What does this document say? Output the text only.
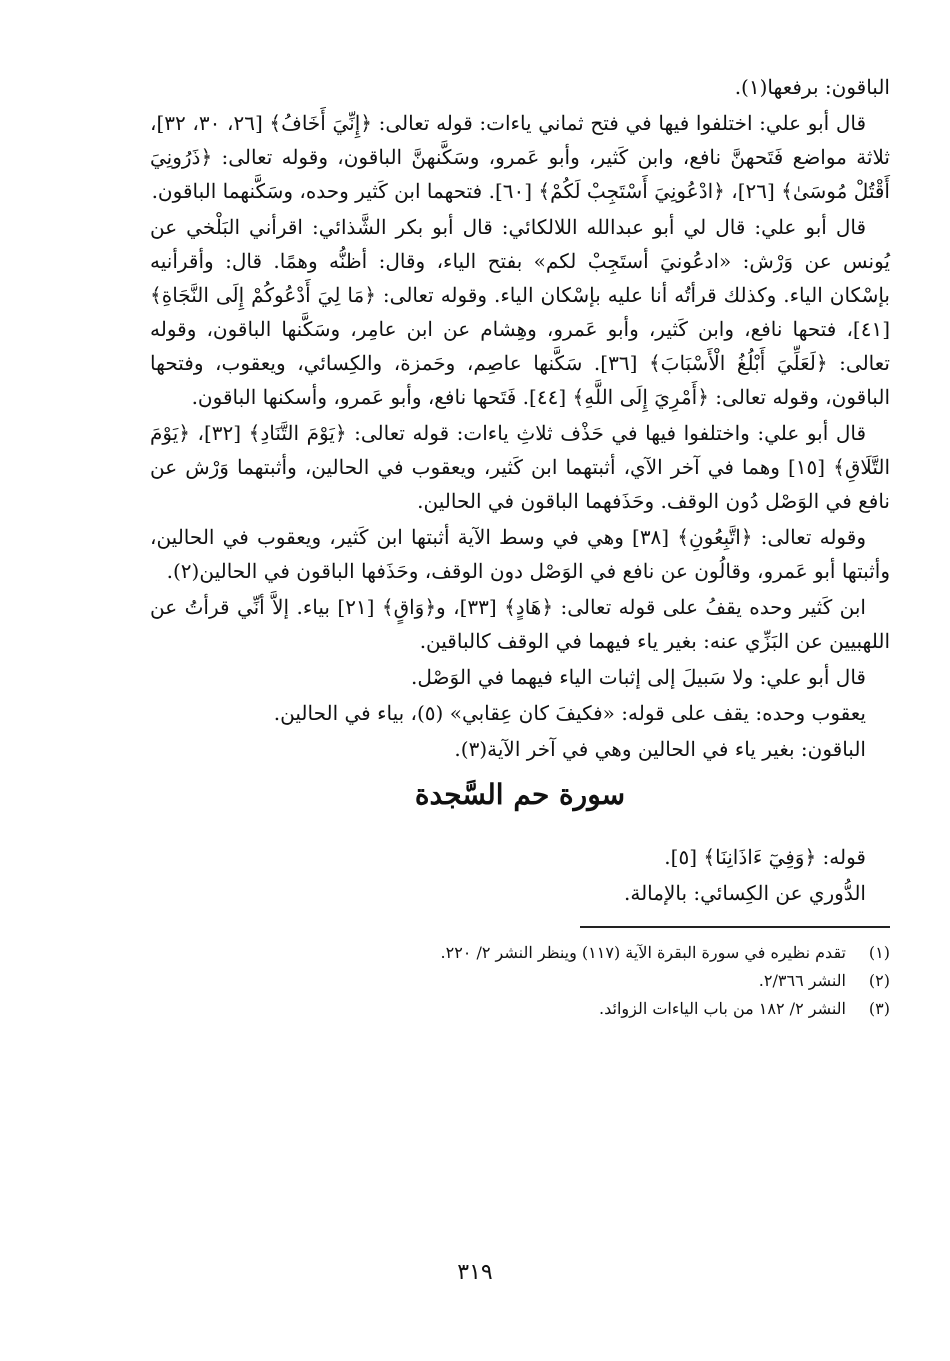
الباقون: برفعها(١).

قال أبو علي: اختلفوا فيها في فتح ثماني ياءات: قوله تعالى: ﴿إِنِّيَ أَخَافُ﴾ [٢٦، ٣٠، ٣٢]، ثلاثة مواضع فَتَحهنَّ نافع، وابن كَثير، وأبو عَمرو، وسَكَّنهنَّ الباقون، وقوله تعالى: ﴿ذَرُونِيَ أَقْتُلْ مُوسَىٰ﴾ [٢٦]، ﴿ادْعُونِيَ أَسْتَجِبْ لَكُمْ﴾ [٦٠]. فتحهما ابن كَثير وحده، وسَكَّنهما الباقون.

قال أبو علي: قال لي أبو عبدالله اللالكائي: قال أبو بكر الشَّذائي: اقرأني البَلْخي عن يُونس عن وَرْش: «ادعُونيَ أستَجِبْ لكم» بفتح الياء، وقال: أظنُّه وهمًا. قال: وأقرأنيه بإسْكان الياء. وكذلك قرأتُه أنا عليه بإسْكان الياء. وقوله تعالى: ﴿مَا لِيَ أَدْعُوكُمْ إِلَى النَّجَاةِ﴾ [٤١]، فتحها نافع، وابن كَثير، وأبو عَمرو، وهِشام عن ابن عامِر، وسَكَّنها الباقون، وقوله تعالى: ﴿لَعَلِّيَ أَبْلُغُ الْأَسْبَابَ﴾ [٣٦]. سَكَّنها عاصِم، وحَمزة، والكِسائي، ويعقوب، وفتحها الباقون، وقوله تعالى: ﴿أَمْرِيَ إِلَى اللَّهِ﴾ [٤٤]. فَتَحها نافع، وأبو عَمرو، وأسكنها الباقون.

قال أبو علي: واختلفوا فيها في حَذْف ثلاثِ ياءات: قوله تعالى: ﴿يَوْمَ التَّنَادِ﴾ [٣٢]، ﴿يَوْمَ التَّلَاقِ﴾ [١٥] وهما في آخر الآي، أثبتهما ابن كَثير، ويعقوب في الحالين، وأثبتهما وَرْش عن نافع في الوَصْل دُون الوقف. وحَذَفهما الباقون في الحالين.

وقوله تعالى: ﴿اتَّبِعُونِ﴾ [٣٨] وهي في وسط الآية أثبتها ابن كَثير، ويعقوب في الحالين، وأثبتها أبو عَمرو، وقالُون عن نافع في الوَصْل دون الوقف، وحَذَفها الباقون في الحالين(٢).

ابن كَثير وحده يقفُ على قوله تعالى: ﴿هَادٍ﴾ [٣٣]، و﴿وَاقٍ﴾ [٢١] بياء. إلاَّ أنِّي قرأتُ عن اللهبيين عن البَزِّي عنه: بغير ياء فيهما في الوقف كالباقين.

قال أبو علي: ولا سَبيلَ إلى إثبات الياء فيهما في الوَصْل.

يعقوب وحده: يقف على قوله: «فكيفَ كان عِقابي» (٥)، بياء في الحالين.

الباقون: بغير ياء في الحالين وهي في آخر الآية(٣).

سورة حم السَّجدة

قوله: ﴿وَفِيٓ ءَاذَانِنَا﴾ [٥].

الدُّوري عن الكِسائي: بالإمالة.

(١)تقدم نظيره في سورة البقرة الآية (١١٧) وينظر النشر ٢/ ٢٢٠.

(٢)النشر ٢/٣٦٦.

(٣)النشر ٢/ ١٨٢ من باب الياءات الزوائد.

٣١٩
